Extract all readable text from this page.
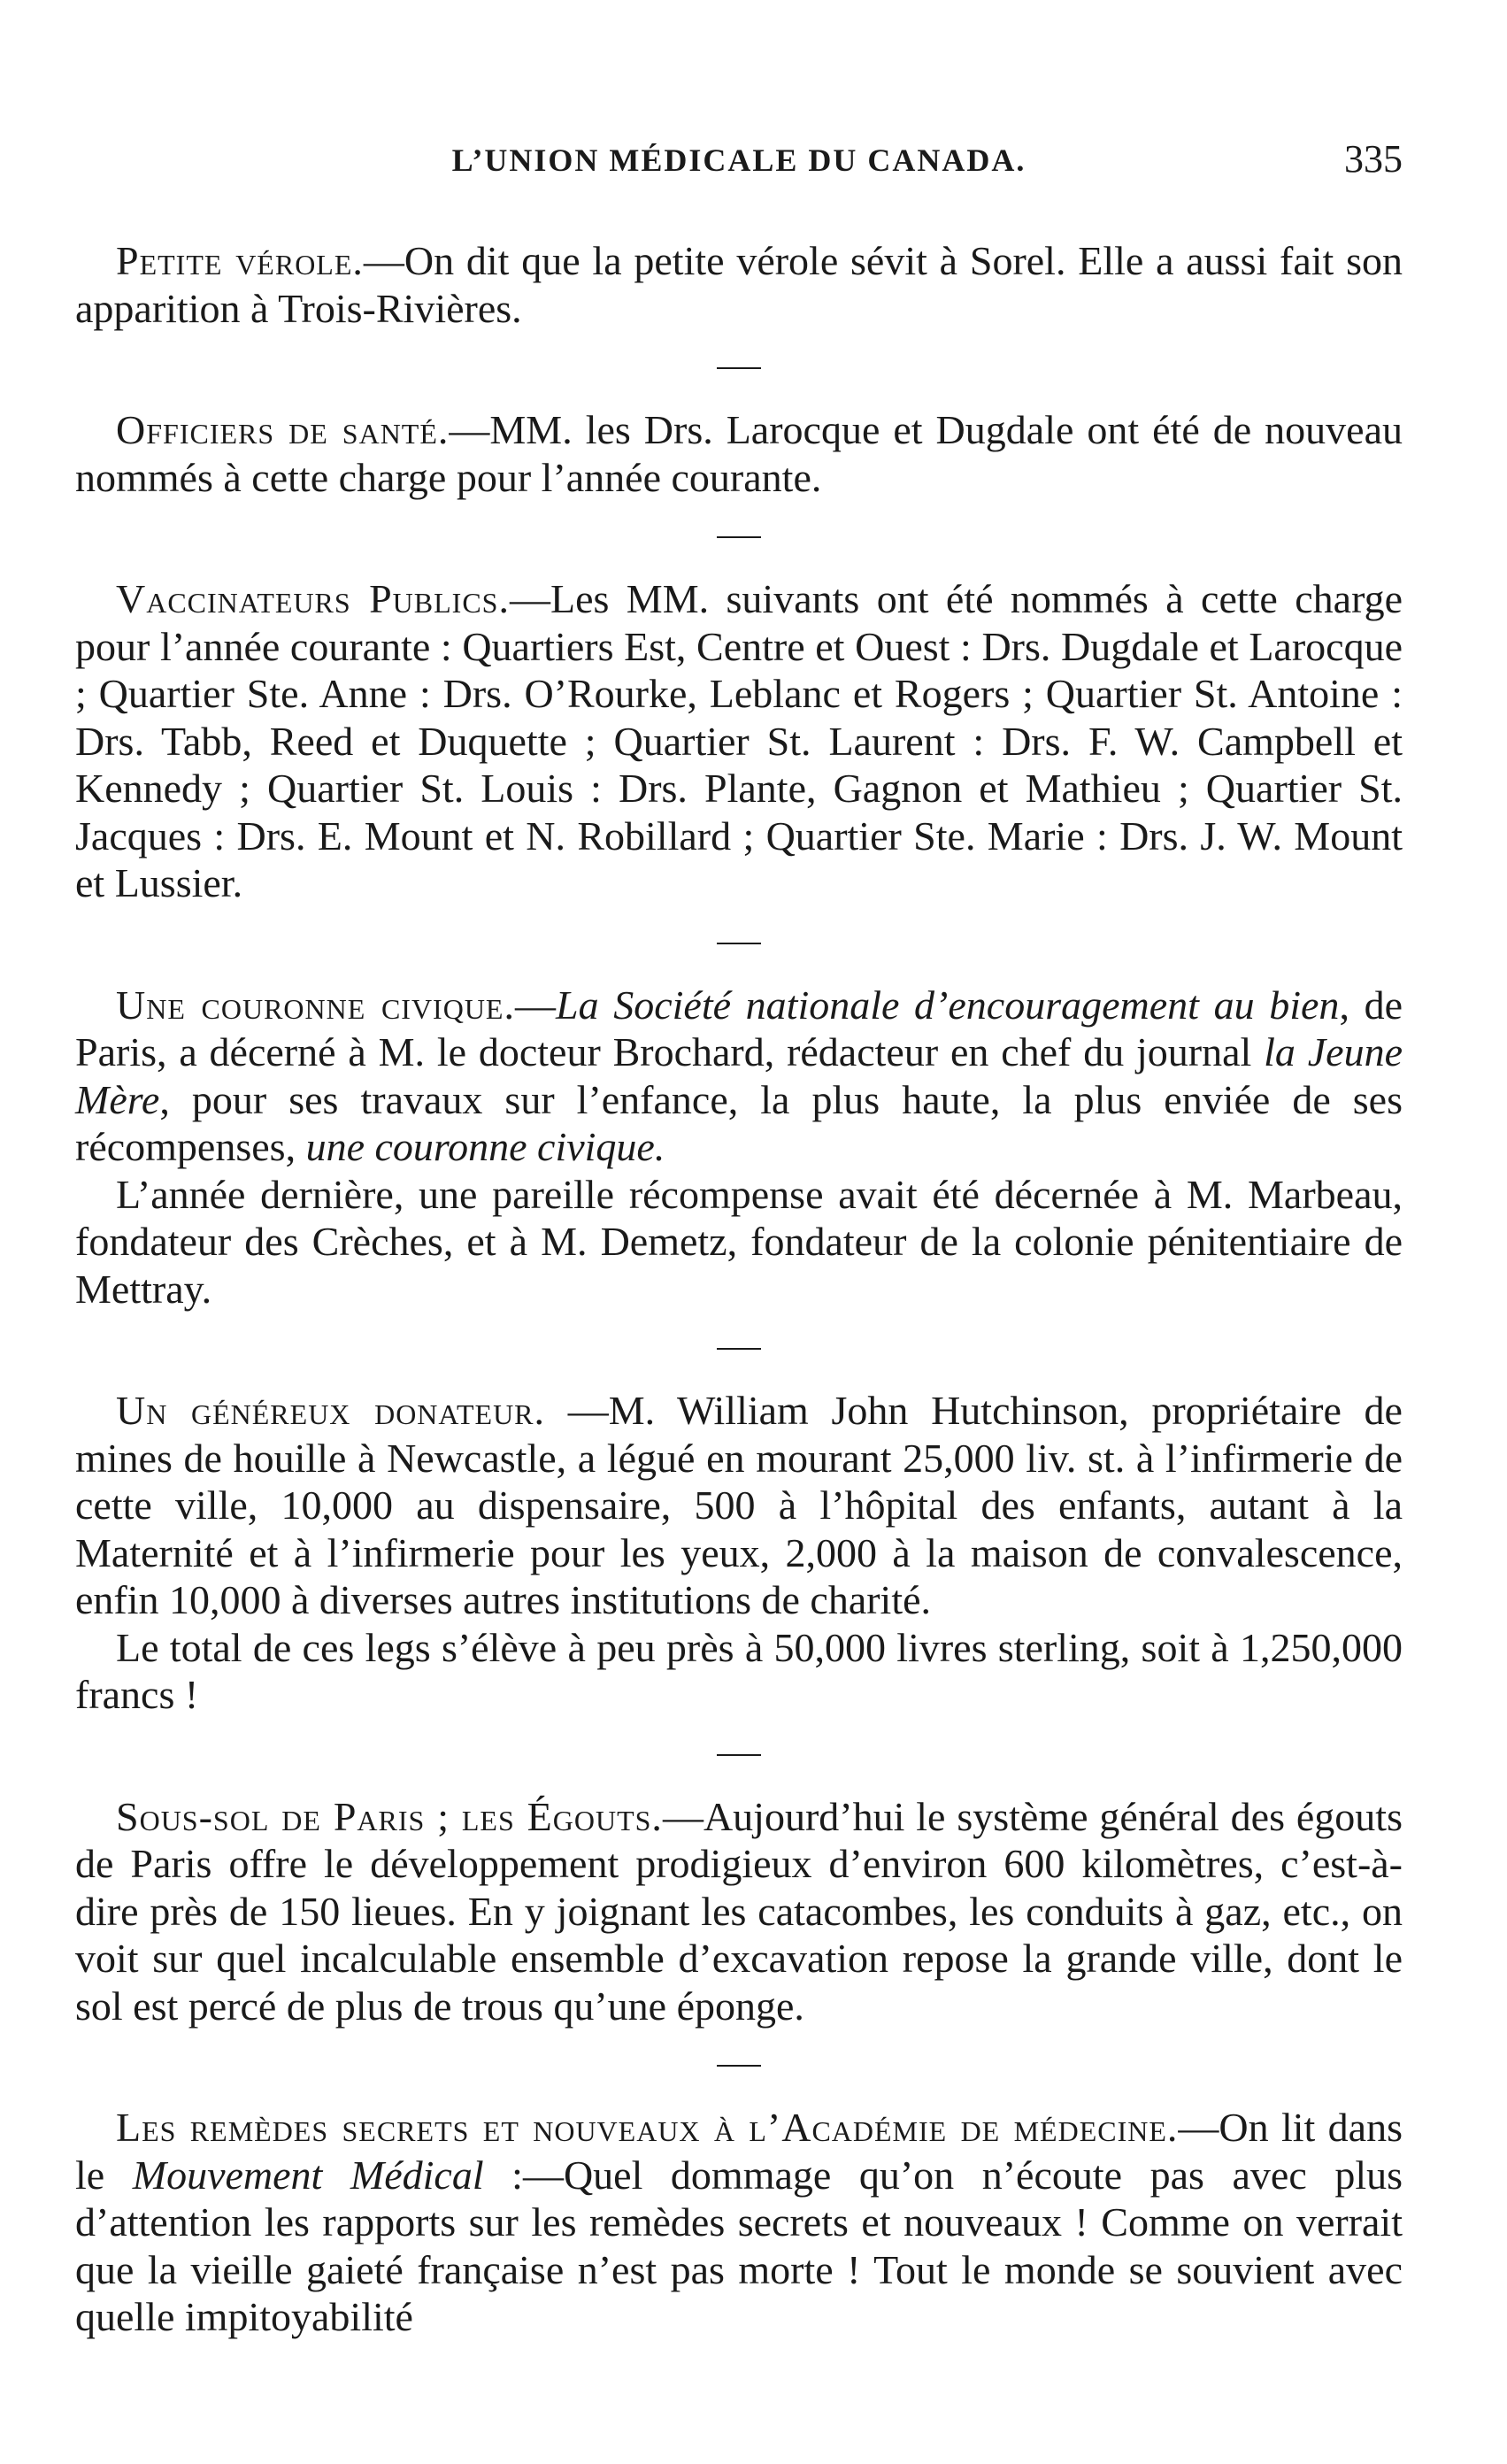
L’UNION MÉDICALE DU CANADA.	335

Petite vérole.—On dit que la petite vérole sévit à Sorel. Elle a aussi fait son apparition à Trois-Rivières.

Officiers de santé.—MM. les Drs. Larocque et Dugdale ont été de nouveau nommés à cette charge pour l’année courante.

Vaccinateurs Publics.—Les MM. suivants ont été nommés à cette charge pour l’année courante : Quartiers Est, Centre et Ouest : Drs. Dugdale et Larocque ; Quartier Ste. Anne : Drs. O’Rourke, Leblanc et Rogers ; Quartier St. Antoine : Drs. Tabb, Reed et Duquette ; Quartier St. Laurent : Drs. F. W. Campbell et Kennedy ; Quartier St. Louis : Drs. Plante, Gagnon et Mathieu ; Quartier St. Jacques : Drs. E. Mount et N. Robillard ; Quartier Ste. Marie : Drs. J. W. Mount et Lussier.

Une couronne civique.—La Société nationale d’encouragement au bien, de Paris, a décerné à M. le docteur Brochard, rédacteur en chef du journal la Jeune Mère, pour ses travaux sur l’enfance, la plus haute, la plus enviée de ses récompenses, une couronne civique.

L’année dernière, une pareille récompense avait été décernée à M. Marbeau, fondateur des Crèches, et à M. Demetz, fondateur de la colonie pénitentiaire de Mettray.

Un généreux donateur. —M. William John Hutchinson, propriétaire de mines de houille à Newcastle, a légué en mourant 25,000 liv. st. à l’infirmerie de cette ville, 10,000 au dispensaire, 500 à l’hôpital des enfants, autant à la Maternité et à l’infirmerie pour les yeux, 2,000 à la maison de convalescence, enfin 10,000 à diverses autres institutions de charité.

Le total de ces legs s’élève à peu près à 50,000 livres sterling, soit à 1,250,000 francs !

Sous-sol de Paris ; les Égouts.—Aujourd’hui le système général des égouts de Paris offre le développement prodigieux d’environ 600 kilomètres, c’est-à-dire près de 150 lieues. En y joignant les catacombes, les conduits à gaz, etc., on voit sur quel incalculable ensemble d’excavation repose la grande ville, dont le sol est percé de plus de trous qu’une éponge.

Les remèdes secrets et nouveaux à l’Académie de médecine.—On lit dans le Mouvement Médical :—Quel dommage qu’on n’écoute pas avec plus d’attention les rapports sur les remèdes secrets et nouveaux ! Comme on verrait que la vieille gaieté française n’est pas morte ! Tout le monde se souvient avec quelle impitoyabilité
